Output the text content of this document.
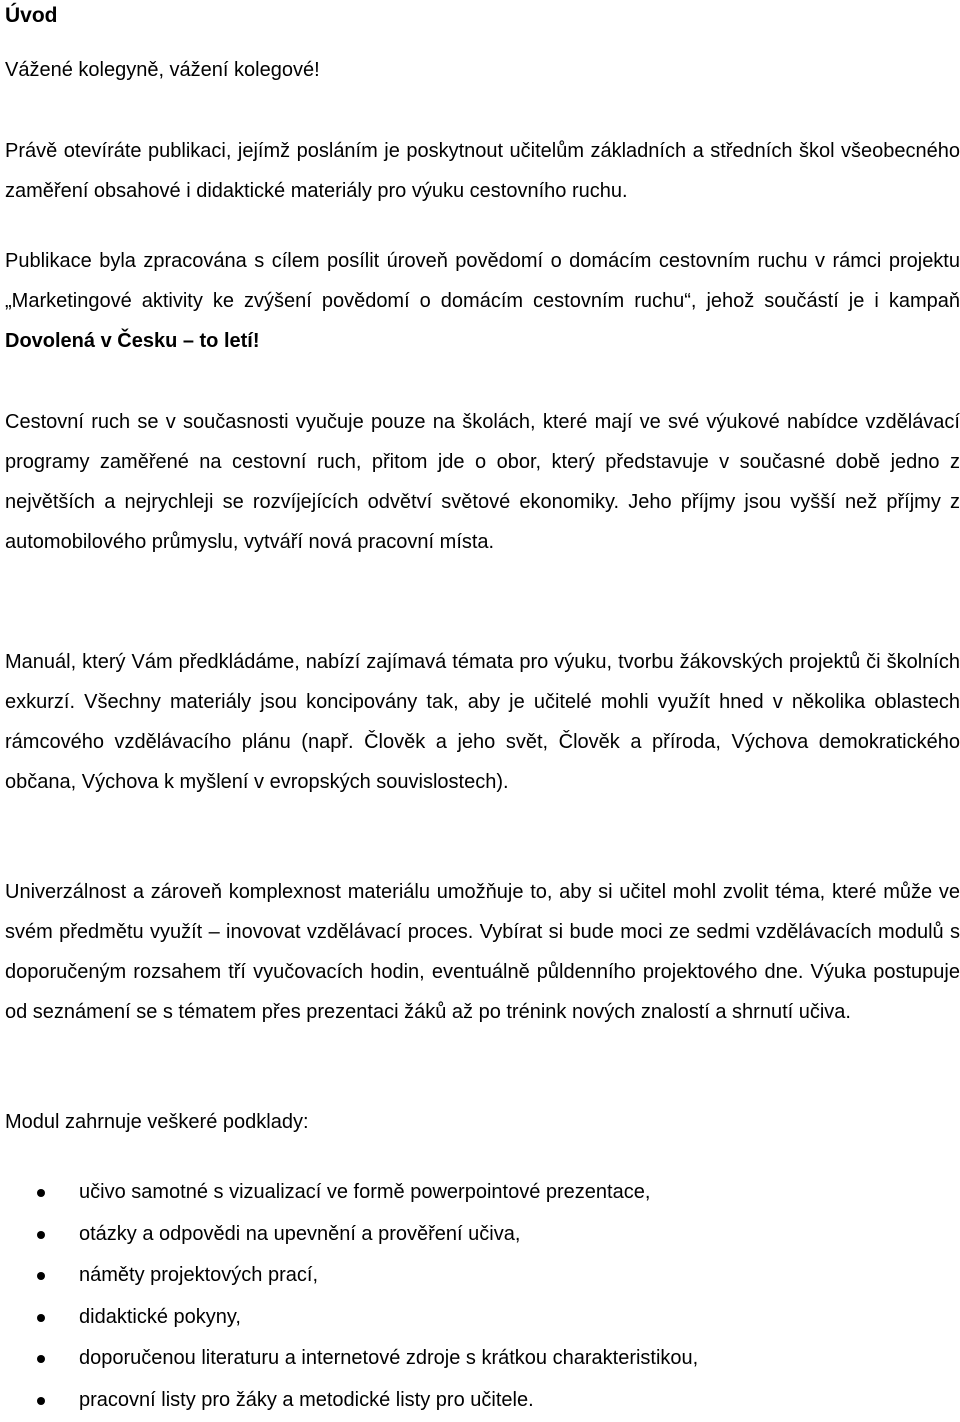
Úvod

Vážené kolegyně, vážení kolegové!

Právě otevíráte publikaci, jejímž posláním je poskytnout učitelům základních a středních škol všeobecného zaměření obsahové i didaktické materiály pro výuku cestovního ruchu.

Publikace byla zpracována s cílem posílit úroveň povědomí o domácím cestovním ruchu v rámci projektu „Marketingové aktivity ke zvýšení povědomí o domácím cestovním ruchu“, jehož součástí je i kampaň Dovolená v Česku – to letí!

Cestovní ruch se v současnosti vyučuje pouze na školách, které mají ve své výukové nabídce vzdělávací programy zaměřené na cestovní ruch, přitom jde o obor, který představuje v současné době jedno z největších a nejrychleji se rozvíjejících odvětví světové ekonomiky. Jeho příjmy jsou vyšší než příjmy z automobilového průmyslu, vytváří nová pracovní místa.

Manuál, který Vám předkládáme, nabízí zajímavá témata pro výuku, tvorbu žákovských projektů či školních exkurzí. Všechny materiály jsou koncipovány tak, aby je učitelé mohli využít hned v několika oblastech rámcového vzdělávacího plánu (např. Člověk a jeho svět, Člověk a příroda, Výchova demokratického občana, Výchova k myšlení v evropských souvislostech).

Univerzálnost a zároveň komplexnost materiálu umožňuje to, aby si učitel mohl zvolit téma, které může ve svém předmětu využít – inovovat vzdělávací proces. Vybírat si bude moci ze sedmi vzdělávacích modulů s doporučeným rozsahem tří vyučovacích hodin, eventuálně půldenního projektového dne. Výuka postupuje od seznámení se s tématem přes prezentaci žáků až po trénink nových znalostí a shrnutí učiva.

Modul zahrnuje veškeré podklady:

učivo samotné s vizualizací ve formě powerpointové prezentace,
otázky a odpovědi na upevnění a prověření učiva,
náměty projektových prací,
didaktické pokyny,
doporučenou literaturu a internetové zdroje s krátkou charakteristikou,
pracovní listy pro žáky a metodické listy pro učitele.
